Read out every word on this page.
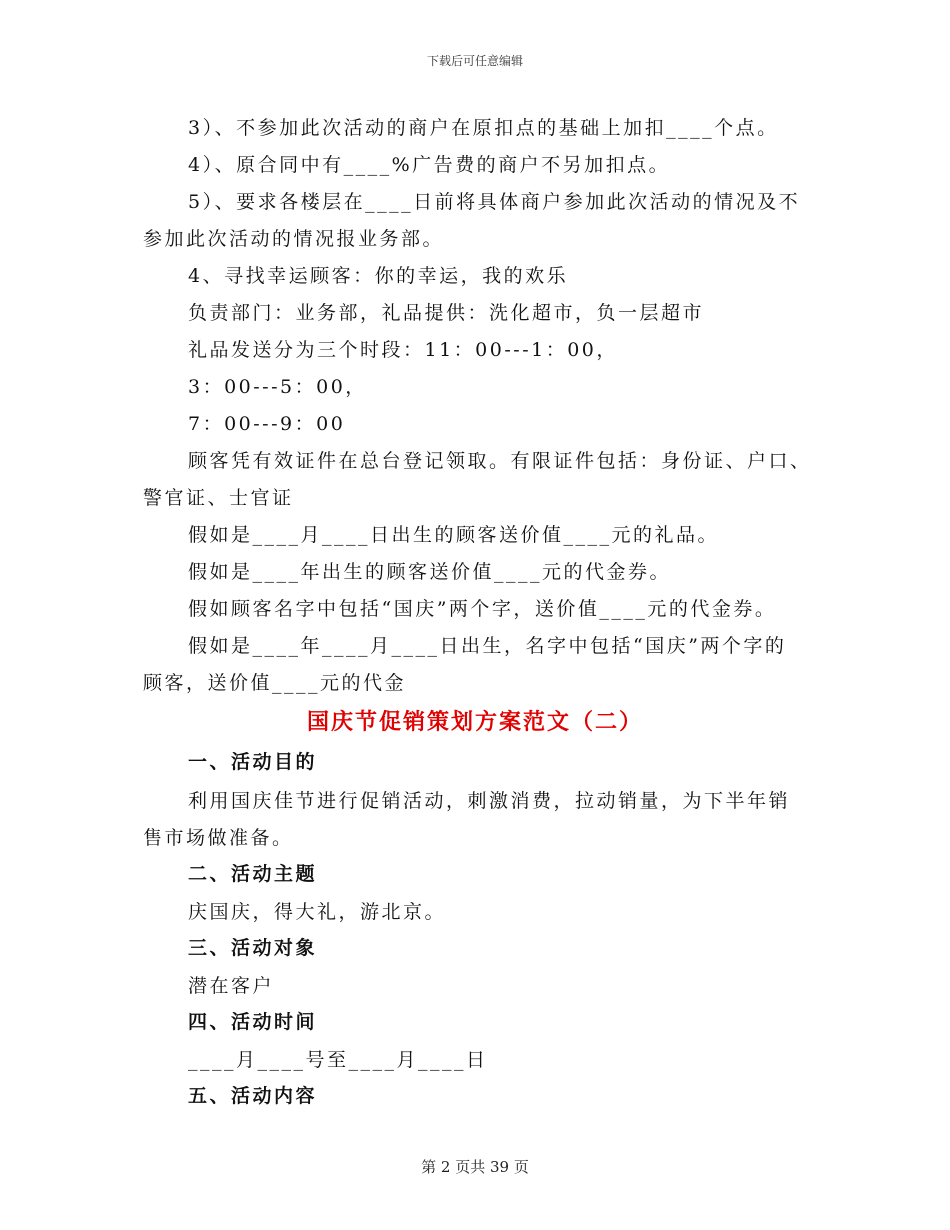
下载后可任意编辑
3）、不参加此次活动的商户在原扣点的基础上加扣____个点。
4）、原合同中有____%广告费的商户不另加扣点。
5）、要求各楼层在____日前将具体商户参加此次活动的情况及不
参加此次活动的情况报业务部。
4、寻找幸运顾客：你的幸运，我的欢乐
负责部门：业务部，礼品提供：洗化超市，负一层超市
礼品发送分为三个时段：11：00---1：00，
3：00---5：00，
7：00---9：00
顾客凭有效证件在总台登记领取。有限证件包括：身份证、户口、
警官证、士官证
假如是____月____日出生的顾客送价值____元的礼品。
假如是____年出生的顾客送价值____元的代金券。
假如顾客名字中包括“国庆”两个字，送价值____元的代金券。
假如是____年____月____日出生，名字中包括“国庆”两个字的
顾客，送价值____元的代金
国庆节促销策划方案范文（二）
一、活动目的
利用国庆佳节进行促销活动，刺激消费，拉动销量，为下半年销
售市场做准备。
二、活动主题
庆国庆，得大礼，游北京。
三、活动对象
潜在客户
四、活动时间
____月____号至____月____日
五、活动内容
第 2 页共 39 页
